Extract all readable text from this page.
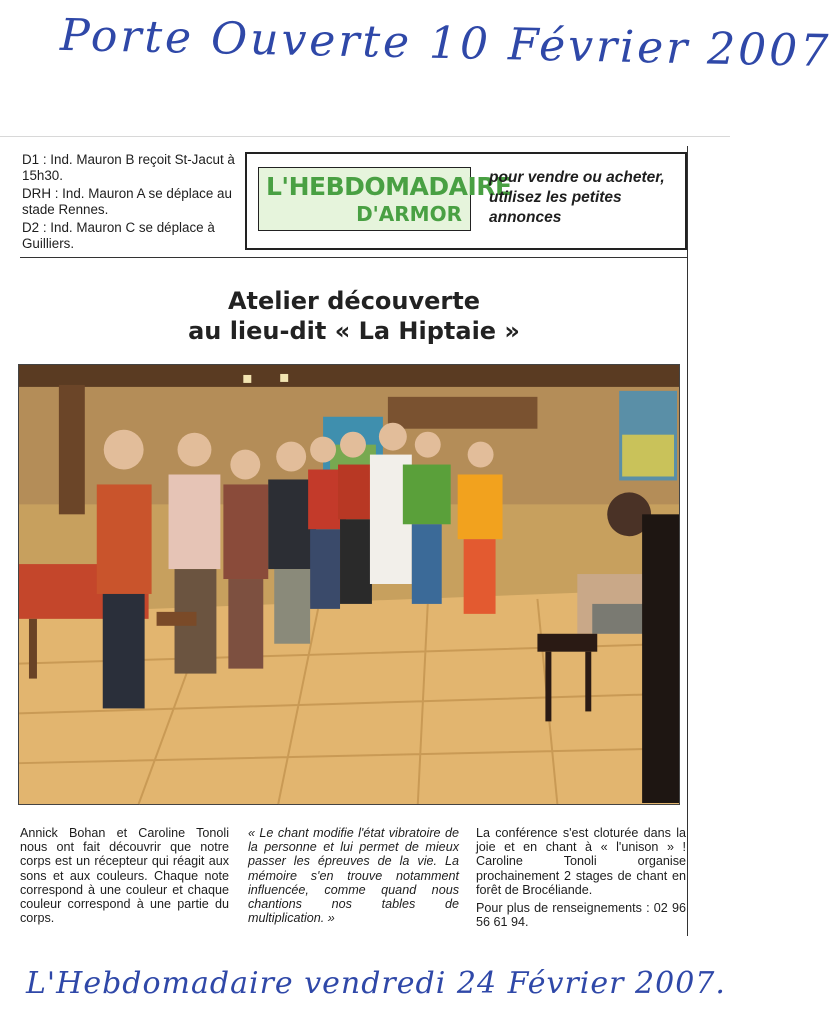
Porte Ouverte 10 Février 2007

D1 : Ind. Mauron B reçoit St-Jacut à 15h30.

DRH : Ind. Mauron A se déplace au stade Rennes.

D2 : Ind. Mauron C se déplace à Guilliers.

L'HEBDOMADAIRE
D'ARMOR
pour vendre ou acheter, utilisez les petites annonces
Atelier découverte
au lieu-dit « La Hiptaie »

Annick Bohan et Caroline Tonoli nous ont fait découvrir que notre corps est un récepteur qui réagit aux sons et aux couleurs. Chaque note correspond à une couleur et chaque couleur correspond à une partie du corps.

« Le chant modifie l'état vibratoire de la personne et lui permet de mieux passer les épreuves de la vie. La mémoire s'en trouve notamment influencée, comme quand nous chantions nos tables de multiplication. »

La conférence s'est cloturée dans la joie et en chant à « l'unison » ! Caroline Tonoli organise prochainement 2 stages de chant en forêt de Brocéliande.

Pour plus de renseignements : 02 96 56 61 94.

L'Hebdomadaire vendredi 24 Février 2007.
